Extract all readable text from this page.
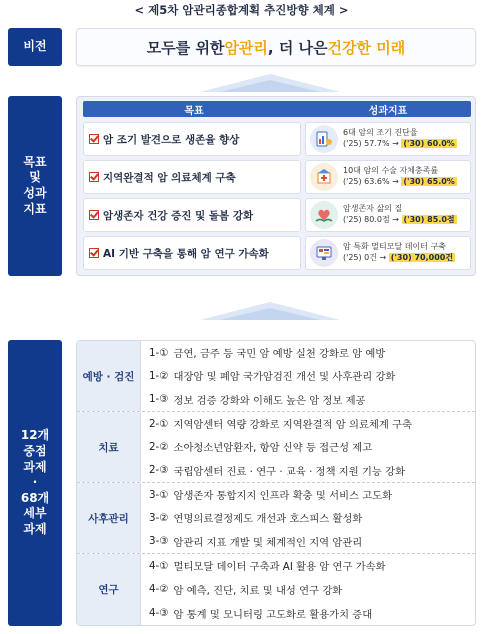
< 제5차 암관리종합계획 추진방향 체계 >
비전
목표
및
성과
지표
12개
중점
과제
·
68개
세부
과제
모두를 위한 암관리 , 더 나은 건강한 미래
목표	성과지표
암 조기 발견으로 생존율 향상
6대 암의 조기 진단율
('25) 57.7% → ('30) 60.0%
지역완결적 암 의료체계 구축
10대 암의 수술 자체충족률
('25) 63.6% → ('30) 65.0%
암생존자 건강 증진 및 돌봄 강화
암생존자 삶의 질
('25) 80.0점 → ('30) 85.0점
AI 기반 구축을 통해 암 연구 가속화
암 특화 멀티모달 데이터 구축
('25) 0건 → ('30) 70,000건
예방 · 검진
1-① 금연, 금주 등 국민 암 예방 실천 강화로 암 예방
1-② 대장암 및 폐암 국가암검진 개선 및 사후관리 강화
1-③ 정보 검증 강화와 이해도 높은 암 정보 제공
치료
2-① 지역암센터 역량 강화로 지역완결적 암 의료체계 구축
2-② 소아청소년암환자, 항암 신약 등 접근성 제고
2-③ 국립암센터 진료 · 연구 · 교육 · 정책 지원 기능 강화
사후관리
3-① 암생존자 통합지지 인프라 확충 및 서비스 고도화
3-② 연명의료결정제도 개선과 호스피스 활성화
3-③ 암관리 지표 개발 및 체계적인 지역 암관리
연구
4-① 멀티모달 데이터 구축과 AI 활용 암 연구 가속화
4-② 암 예측, 진단, 치료 및 내성 연구 강화
4-③ 암 통계 및 모니터링 고도화로 활용가치 증대
